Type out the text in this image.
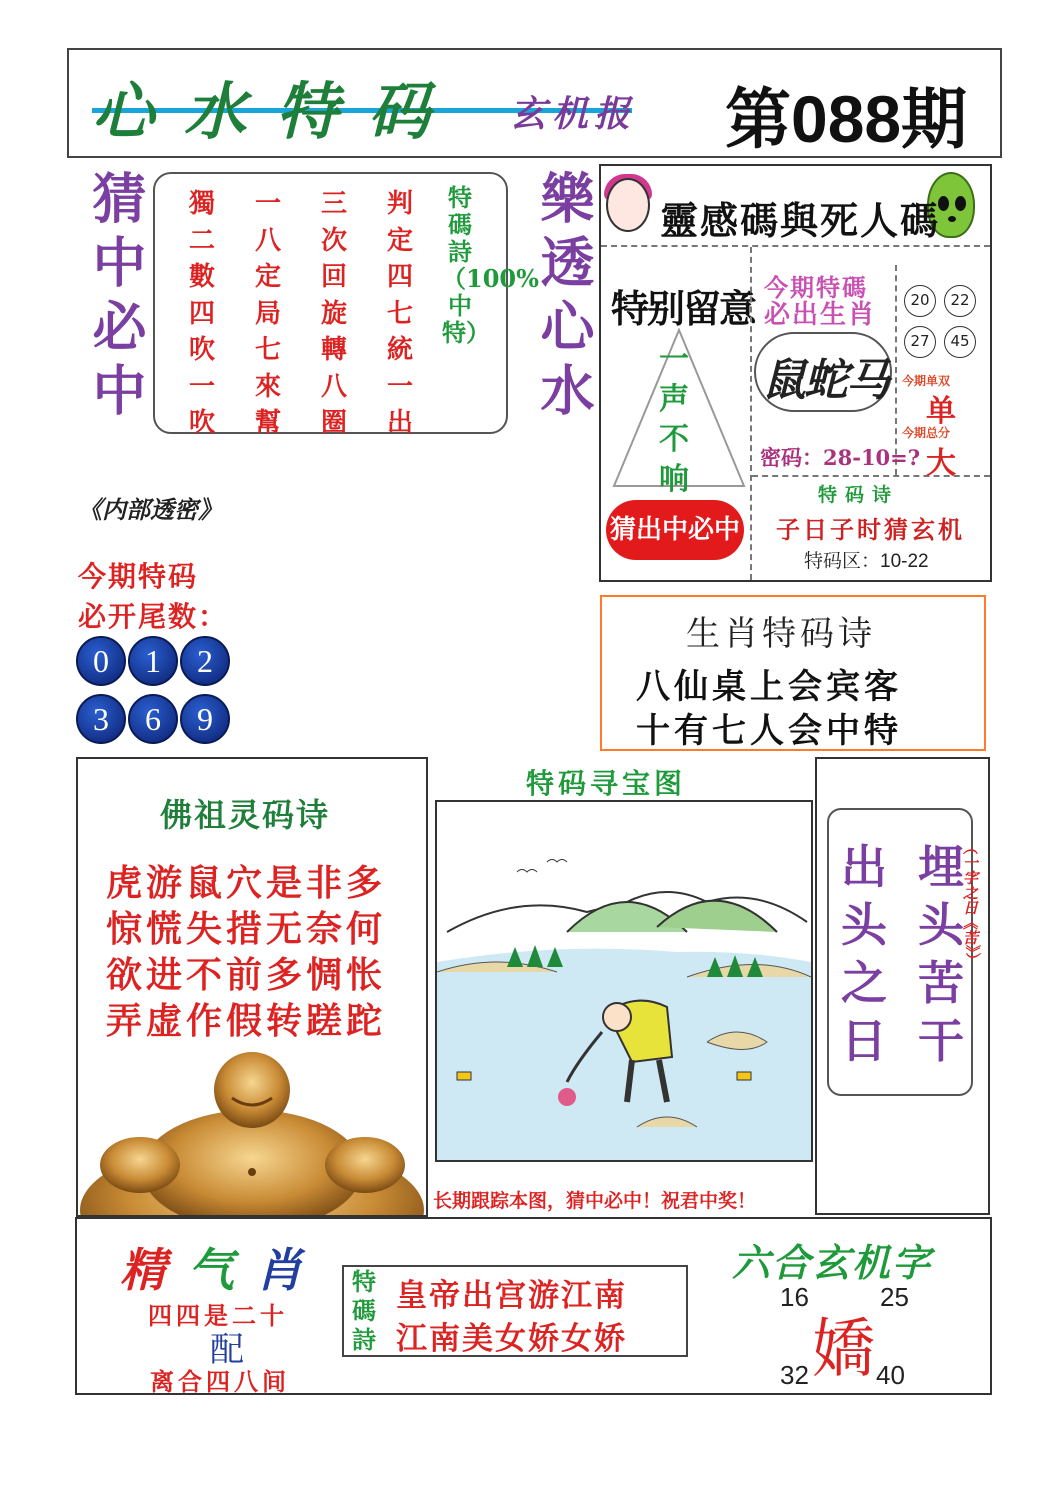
心水特码 玄机报 第088期
猜中必中	樂透心水
特碼詩（100%中特）
判定四七統一出
三次回旋轉八圈
一八定局七來幫
獨二數四吹一吹
靈感碼與死人碼
特别留意
一声不响
猜出中必中
今期特碼
必出生肖
鼠蛇马
密码：28-10=?
20	22
27	45
今期单双
单
今期总分
大
特码诗
子日子时猜玄机
特码区：10-22
《内部透密》
今期特码
必开尾数：
0	1	2
3	6	9
生肖特码诗
八仙桌上会宾客
十有七人会中特
佛祖灵码诗
虎游鼠穴是非多
惊慌失措无奈何
欲进不前多惆怅
弄虚作假转蹉跎
特码寻宝图
长期跟踪本图，猜中必中！祝君中奖！
埋头苦干
出头之日
（一字之日《苦》）
精气肖
四四是二十
配
离合四八间
特碼詩
皇帝出宫游江南
江南美女娇女娇
六合玄机字
16	25
嬌
32	40
